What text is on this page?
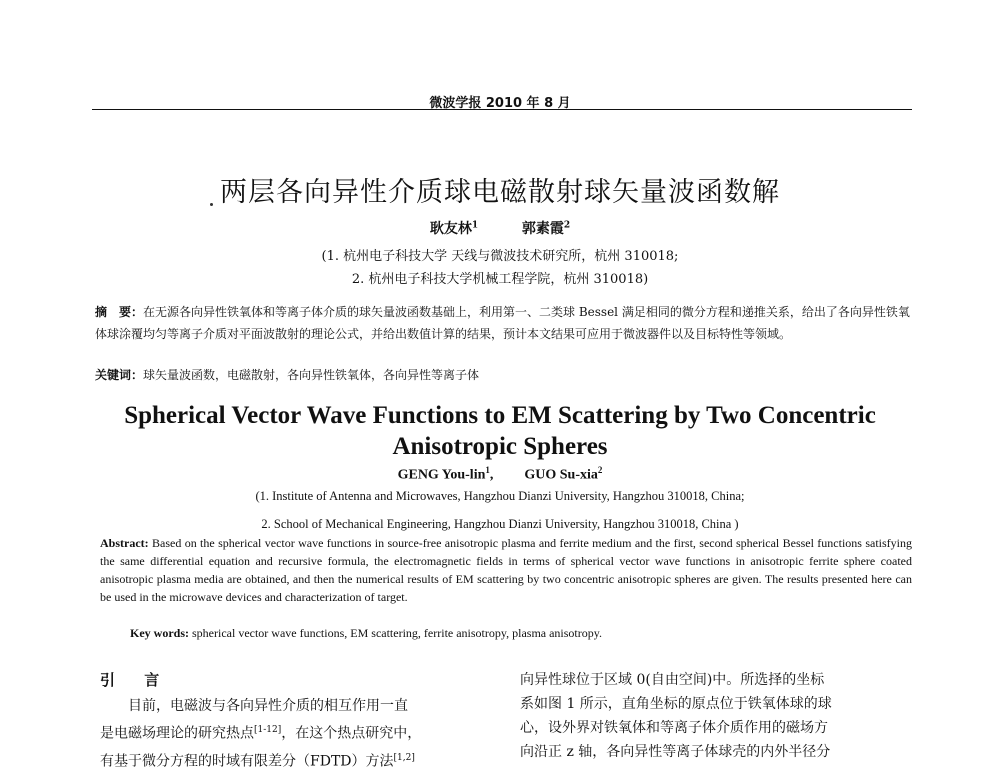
微波学报 2010 年 8 月
两层各向异性介质球电磁散射球矢量波函数解
耿友林$^1$	郭素霞$^2$
(1. 杭州电子科技大学 天线与微波技术研究所，杭州 310018;
2. 杭州电子科技大学机械工程学院，杭州 310018)
摘　要：在无源各向异性铁氧体和等离子体介质的球矢量波函数基础上，利用第一、二类球 Bessel 满足相同的微分方程和递推关系，给出了各向异性铁氧体球涂覆均匀等离子介质对平面波散射的理论公式，并给出数值计算的结果，预计本文结果可应用于微波器件以及目标特性等领域。
关键词：球矢量波函数，电磁散射，各向异性铁氧体，各向异性等离子体
Spherical Vector Wave Functions to EM Scattering by Two Concentric Anisotropic Spheres
GENG You-lin$^1$,  GUO Su-xia$^2$
(1. Institute of Antenna and Microwaves, Hangzhou Dianzi University, Hangzhou 310018, China;
2. School of Mechanical Engineering, Hangzhou Dianzi University, Hangzhou 310018, China )
Abstract: Based on the spherical vector wave functions in source-free anisotropic plasma and ferrite medium and the first, second spherical Bessel functions satisfying the same differential equation and recursive formula, the electromagnetic fields in terms of spherical vector wave functions in anisotropic ferrite sphere coated anisotropic plasma media are obtained, and then the numerical results of EM scattering by two concentric anisotropic spheres are given. The results presented here can be used in the microwave devices and characterization of target.
Key words: spherical vector wave functions, EM scattering, ferrite anisotropy, plasma anisotropy.
引 言
目前，电磁波与各向异性介质的相互作用一直
是电磁场理论的研究热点[1-12]，在这个热点研究中，
有基于微分方程的时域有限差分（FDTD）方法[1,2]
向异性球位于区域 0(自由空间)中。所选择的坐标
系如图 1 所示，直角坐标的原点位于铁氧体球的球
心，设外界对铁氧体和等离子体介质作用的磁场方
向沿正 z 轴，各向异性等离子体球壳的内外半径分
